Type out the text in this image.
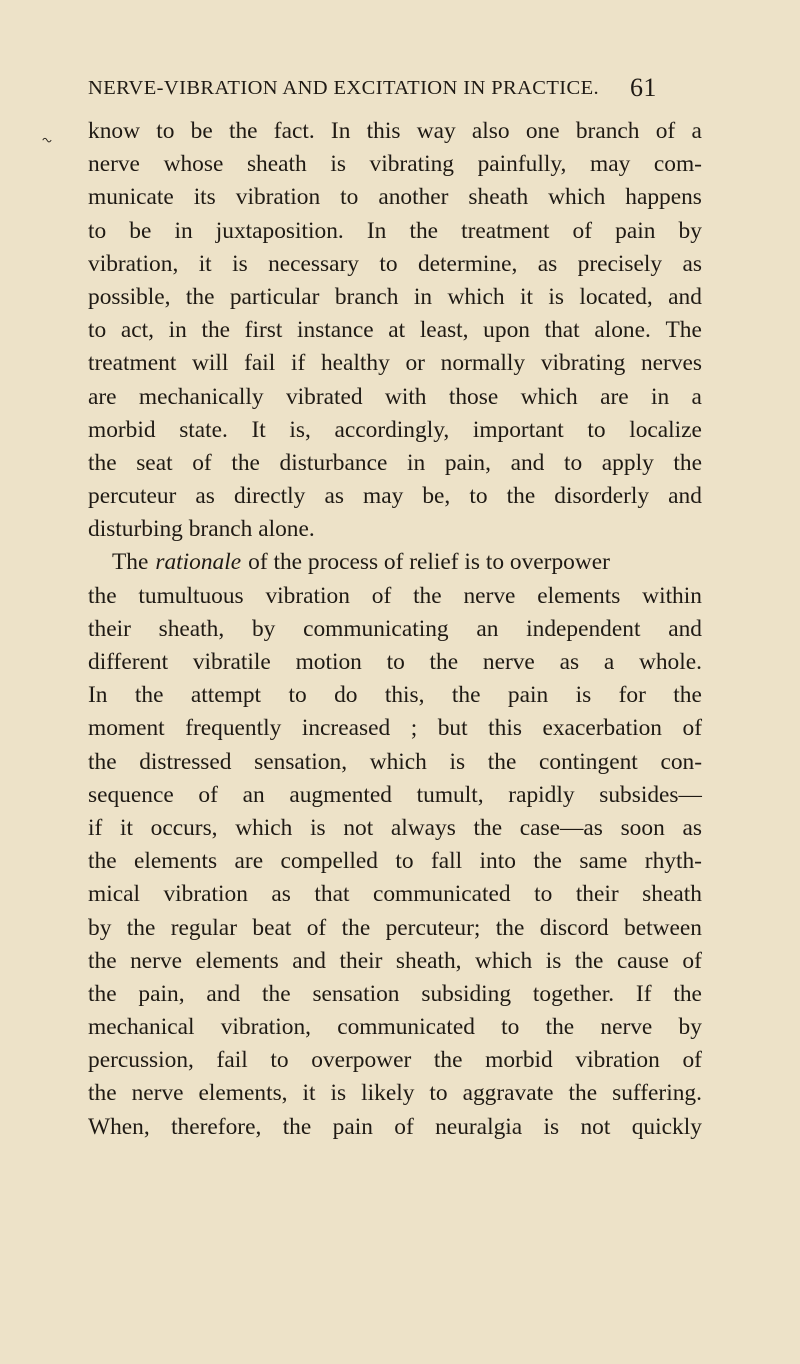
NERVE-VIBRATION AND EXCITATION IN PRACTICE. 61
~ know to be the fact. In this way also one branch of a
nerve whose sheath is vibrating painfully, may com-
municate its vibration to another sheath which happens
to be in juxtaposition. In the treatment of pain by
vibration, it is necessary to determine, as precisely as
possible, the particular branch in which it is located, and
to act, in the first instance at least, upon that alone. The
treatment will fail if healthy or normally vibrating nerves
are mechanically vibrated with those which are in a
morbid state. It is, accordingly, important to localize
the seat of the disturbance in pain, and to apply the
percuteur as directly as may be, to the disorderly and
disturbing branch alone.
The rationale of the process of relief is to overpower
the tumultuous vibration of the nerve elements within
their sheath, by communicating an independent and
different vibratile motion to the nerve as a whole.
In the attempt to do this, the pain is for the
moment frequently increased ; but this exacerbation of
the distressed sensation, which is the contingent con-
sequence of an augmented tumult, rapidly subsides—
if it occurs, which is not always the case—as soon as
the elements are compelled to fall into the same rhyth-
mical vibration as that communicated to their sheath
by the regular beat of the percuteur; the discord between
the nerve elements and their sheath, which is the cause of
the pain, and the sensation subsiding together. If the
mechanical vibration, communicated to the nerve by
percussion, fail to overpower the morbid vibration of
the nerve elements, it is likely to aggravate the suffering.
When, therefore, the pain of neuralgia is not quickly
